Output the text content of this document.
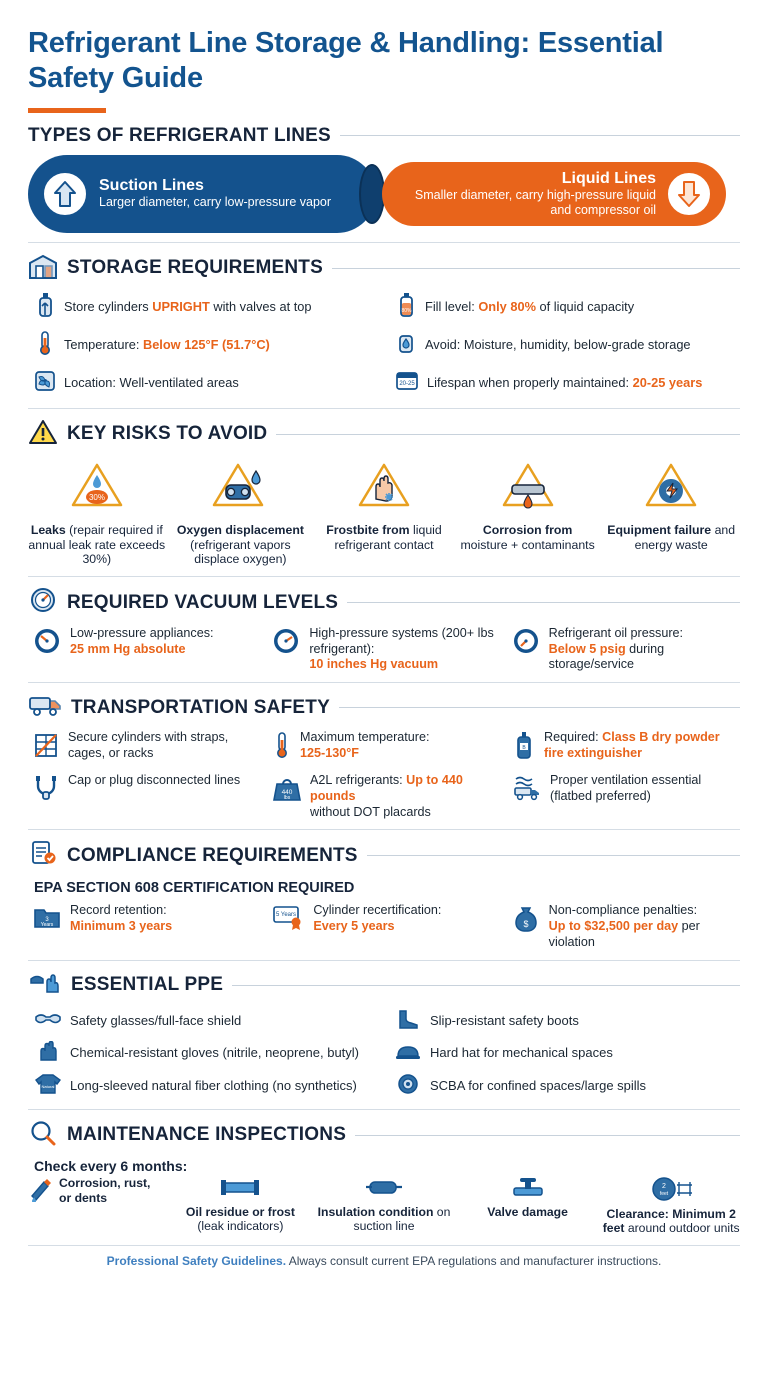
Refrigerant Line Storage & Handling: Essential Safety Guide
TYPES OF REFRIGERANT LINES
Suction Lines
Larger diameter, carry low-pressure vapor
Liquid Lines
Smaller diameter, carry high-pressure liquid and compressor oil
STORAGE REQUIREMENTS
Store cylinders UPRIGHT with valves at top	80% Fill level: Only 80% of liquid capacity
Temperature: Below 125°F (51.7°C)	Avoid: Moisture, humidity, below-grade storage
Location: Well-ventilated areas	20-25 Lifespan when properly maintained: 20-25 years
KEY RISKS TO AVOID
30%
Leaks (repair required if annual leak rate exceeds 30%)
Oxygen displacement (refrigerant vapors displace oxygen)
Frostbite from liquid refrigerant contact
Corrosion from moisture + contaminants
Equipment failure and energy waste
REQUIRED VACUUM LEVELS
Low-pressure appliances:
25 mm Hg absolute
High-pressure systems (200+ lbs refrigerant):
10 inches Hg vacuum
Refrigerant oil pressure:
Below 5 psig during storage/service
TRANSPORTATION SAFETY
Secure cylinders with straps, cages, or racks
Maximum temperature:
125-130°F	B
Required: Class B dry powder fire extinguisher
Cap or plug disconnected lines
440
lbs
A2L refrigerants: Up to 440 pounds
without DOT placards
Proper ventilation essential (flatbed preferred)
COMPLIANCE REQUIREMENTS
EPA SECTION 608 CERTIFICATION REQUIRED
3
Years
Record retention:
Minimum 3 years
5 Years Cylinder recertification:
Every 5 years	$
Non-compliance penalties:
Up to $32,500 per day per violation
ESSENTIAL PPE
Safety glasses/full-face shield	Slip-resistant safety boots
Chemical-resistant gloves (nitrile, neoprene, butyl)	Hard hat for mechanical spaces
Natural Long-sleeved natural fiber clothing (no synthetics)	SCBA for confined spaces/large spills
MAINTENANCE INSPECTIONS
Check every 6 months:
Corrosion, rust, or dents
Oil residue or frost (leak indicators)
Insulation condition on suction line
Valve damage
2
feet
Clearance: Minimum 2 feet around outdoor units
Professional Safety Guidelines. Always consult current EPA regulations and manufacturer instructions.
